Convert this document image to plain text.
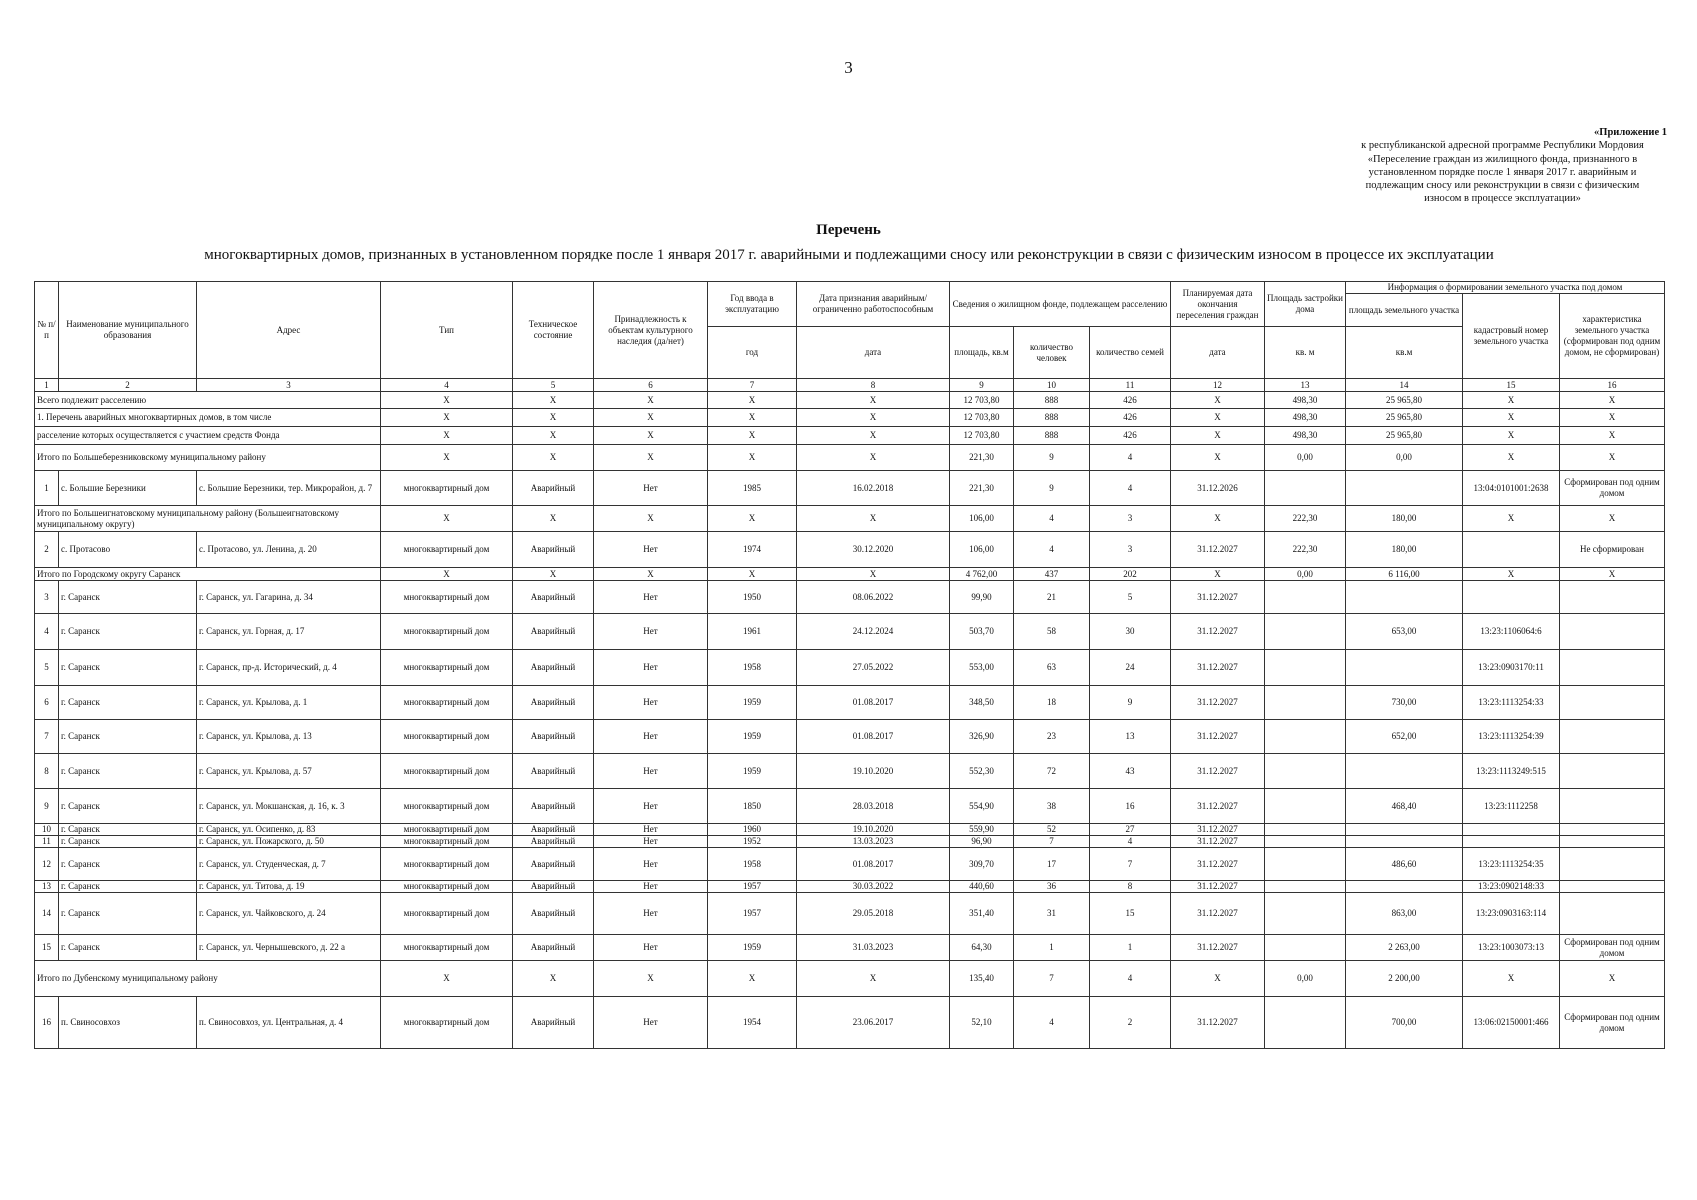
3
«Приложение 1
к республиканской адресной программе Республики Мордовия
«Переселение граждан из жилищного фонда, признанного в
установленном порядке после 1 января 2017 г. аварийным и
подлежащим сносу или реконструкции в связи с физическим
износом в процессе эксплуатации»
Перечень
многоквартирных домов, признанных в установленном порядке после 1 января 2017 г. аварийными и подлежащими сносу или реконструкции в связи с физическим износом в процессе их эксплуатации
№ п/п	Наименование муниципального образования	Адрес	Тип	Техническое состояние	Принадлежность к объектам культурного наследия (да/нет)	Год ввода в эксплуатацию	Дата признания аварийным/ограниченно работоспособным	Сведения о жилищном фонде, подлежащем расселению			Планируемая дата окончания переселения граждан	Площадь застройки дома	Информация о формировании земельного участка под домом		
													площадь земельного участка	кадастровый номер земельного участка	характеристика земельного участка (сформирован под одним домом, не сформирован)
						год	дата	площадь, кв.м	количество человек	количество семей	дата	кв. м	кв.м		
1	2	3	4	5	6	7	8	9	10	11	12	13	14	15	16
Всего подлежит расселению			X	X	X	X	X	12 703,80	888	426	X	498,30	25 965,80	X	X
1. Перечень аварийных многоквартирных домов, в том числе			X	X	X	X	X	12 703,80	888	426	X	498,30	25 965,80	X	X
расселение которых осуществляется с участием средств Фонда			X	X	X	X	X	12 703,80	888	426	X	498,30	25 965,80	X	X
Итого по Большеберезниковскому муниципальному району			X	X	X	X	X	221,30	9	4	X	0,00	0,00	X	X
1	с. Большие Березники	с. Большие Березники, тер. Микрорайон, д. 7	многоквартирный дом	Аварийный	Нет	1985	16.02.2018	221,30	9	4	31.12.2026			13:04:0101001:2638	Сформирован под одним домом
Итого по Большеигнатовскому муниципальному району (Большеигнатовскому муниципальному округу)			X	X	X	X	X	106,00	4	3	X	222,30	180,00	X	X
2	с. Протасово	с. Протасово, ул. Ленина, д. 20	многоквартирный дом	Аварийный	Нет	1974	30.12.2020	106,00	4	3	31.12.2027	222,30	180,00		Не сформирован
Итого по Городскому округу Саранск			X	X	X	X	X	4 762,00	437	202	X	0,00	6 116,00	X	X
3	г. Саранск	г. Саранск, ул. Гагарина, д. 34	многоквартирный дом	Аварийный	Нет	1950	08.06.2022	99,90	21	5	31.12.2027				
4	г. Саранск	г. Саранск, ул. Горная, д. 17	многоквартирный дом	Аварийный	Нет	1961	24.12.2024	503,70	58	30	31.12.2027		653,00	13:23:1106064:6	
5	г. Саранск	г. Саранск, пр-д. Исторический, д. 4	многоквартирный дом	Аварийный	Нет	1958	27.05.2022	553,00	63	24	31.12.2027			13:23:0903170:11	
6	г. Саранск	г. Саранск, ул. Крылова, д. 1	многоквартирный дом	Аварийный	Нет	1959	01.08.2017	348,50	18	9	31.12.2027		730,00	13:23:1113254:33	
7	г. Саранск	г. Саранск, ул. Крылова, д. 13	многоквартирный дом	Аварийный	Нет	1959	01.08.2017	326,90	23	13	31.12.2027		652,00	13:23:1113254:39	
8	г. Саранск	г. Саранск, ул. Крылова, д. 57	многоквартирный дом	Аварийный	Нет	1959	19.10.2020	552,30	72	43	31.12.2027			13:23:1113249:515	
9	г. Саранск	г. Саранск, ул. Мокшанская, д. 16, к. 3	многоквартирный дом	Аварийный	Нет	1850	28.03.2018	554,90	38	16	31.12.2027		468,40	13:23:1112258	
10	г. Саранск	г. Саранск, ул. Осипенко, д. 83	многоквартирный дом	Аварийный	Нет	1960	19.10.2020	559,90	52	27	31.12.2027				
11	г. Саранск	г. Саранск, ул. Пожарского, д. 50	многоквартирный дом	Аварийный	Нет	1952	13.03.2023	96,90	7	4	31.12.2027				
12	г. Саранск	г. Саранск, ул. Студенческая, д. 7	многоквартирный дом	Аварийный	Нет	1958	01.08.2017	309,70	17	7	31.12.2027		486,60	13:23:1113254:35	
13	г. Саранск	г. Саранск, ул. Титова, д. 19	многоквартирный дом	Аварийный	Нет	1957	30.03.2022	440,60	36	8	31.12.2027			13:23:0902148:33	
14	г. Саранск	г. Саранск, ул. Чайковского, д. 24	многоквартирный дом	Аварийный	Нет	1957	29.05.2018	351,40	31	15	31.12.2027		863,00	13:23:0903163:114	
15	г. Саранск	г. Саранск, ул. Чернышевского, д. 22 а	многоквартирный дом	Аварийный	Нет	1959	31.03.2023	64,30	1	1	31.12.2027		2 263,00	13:23:1003073:13	Сформирован под одним домом
Итого по Дубенскому муниципальному району			X	X	X	X	X	135,40	7	4	X	0,00	2 200,00	X	X
16	п. Свиносовхоз	п. Свиносовхоз, ул. Центральная, д. 4	многоквартирный дом	Аварийный	Нет	1954	23.06.2017	52,10	4	2	31.12.2027		700,00	13:06:02150001:466	Сформирован под одним домом
